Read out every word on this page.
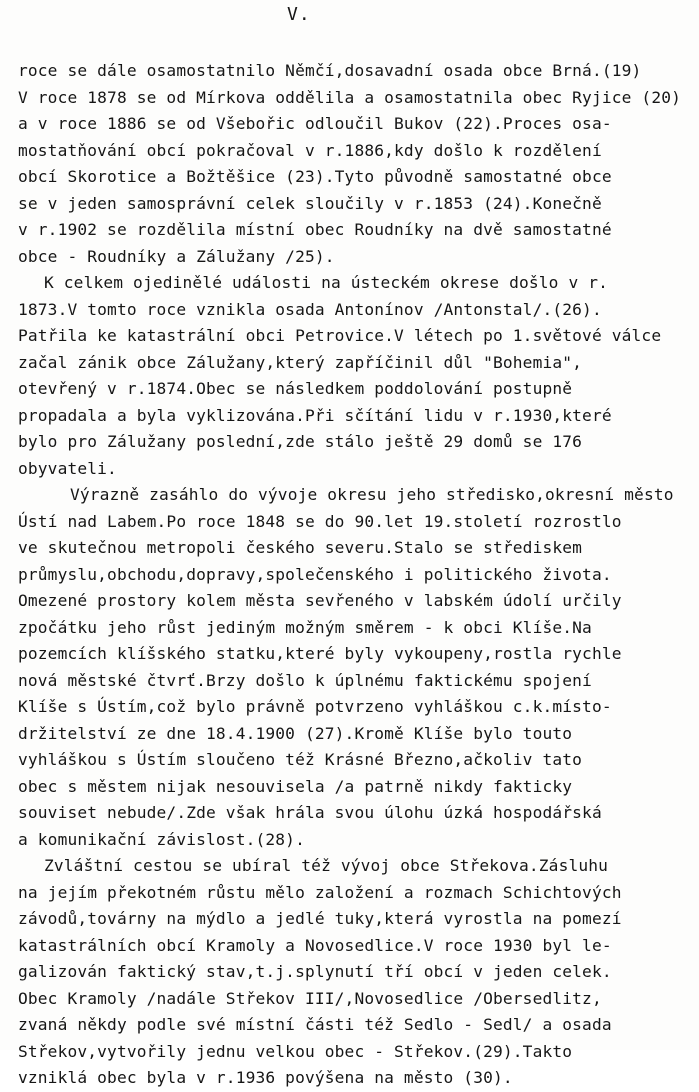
V.
roce se dále osamostatnilo Němčí,dosavadní osada obce Brná.(19)
V roce 1878 se od Mírkova oddělila a osamostatnila obec Ryjice (20)
a v roce 1886 se od Všebořic odloučil Bukov (22).Proces osa-
mostatňování obcí pokračoval v r.1886,kdy došlo k rozdělení
obcí Skorotice a Božtěšice (23).Tyto původně samostatné obce
se v jeden samosprávní celek sloučily v r.1853 (24).Konečně
v r.1902 se rozdělila místní obec Roudníky na dvě samostatné
obce - Roudníky a Zálužany /25).
K celkem ojedinělé události na ústeckém okrese došlo v r.
1873.V tomto roce vznikla osada Antonínov /Antonstal/.(26).
Patřila ke katastrální obci Petrovice.V létech po 1.světové válce
začal zánik obce Zálužany,který zapříčinil důl "Bohemia",
otevřený v r.1874.Obec se následkem poddolování postupně
propadala a byla vyklizována.Při sčítání lidu v r.1930,které
bylo pro Zálužany poslední,zde stálo ještě 29 domů se 176
obyvateli.
Výrazně zasáhlo do vývoje okresu jeho středisko,okresní město
Ústí nad Labem.Po roce 1848 se do 90.let 19.století rozrostlo
ve skutečnou metropoli českého severu.Stalo se střediskem
průmyslu,obchodu,dopravy,společenského i politického života.
Omezené prostory kolem města sevřeného v labském údolí určily
zpočátku jeho růst jediným možným směrem - k obci Klíše.Na
pozemcích klíšského statku,které byly vykoupeny,rostla rychle
nová městské čtvrť.Brzy došlo k úplnému faktickému spojení
Klíše s Ústím,což bylo právně potvrzeno vyhláškou c.k.místo-
držitelství ze dne 18.4.1900 (27).Kromě Klíše bylo touto
vyhláškou s Ústím sloučeno též Krásné Březno,ačkoliv tato
obec s městem nijak nesouvisela /a patrně nikdy fakticky
souviset nebude/.Zde však hrála svou úlohu úzká hospodářská
a komunikační závislost.(28).
Zvláštní cestou se ubíral též vývoj obce Střekova.Zásluhu
na jejím překotném růstu mělo založení a rozmach Schichtových
závodů,továrny na mýdlo a jedlé tuky,která vyrostla na pomezí
katastrálních obcí Kramoly a Novosedlice.V roce 1930 byl le-
galizován faktický stav,t.j.splynutí tří obcí v jeden celek.
Obec Kramoly /nadále Střekov III/,Novosedlice /Obersedlitz,
zvaná někdy podle své místní části též Sedlo - Sedl/ a osada
Střekov,vytvořily jednu velkou obec - Střekov.(29).Takto
vzniklá obec byla v r.1936 povýšena na město (30).
